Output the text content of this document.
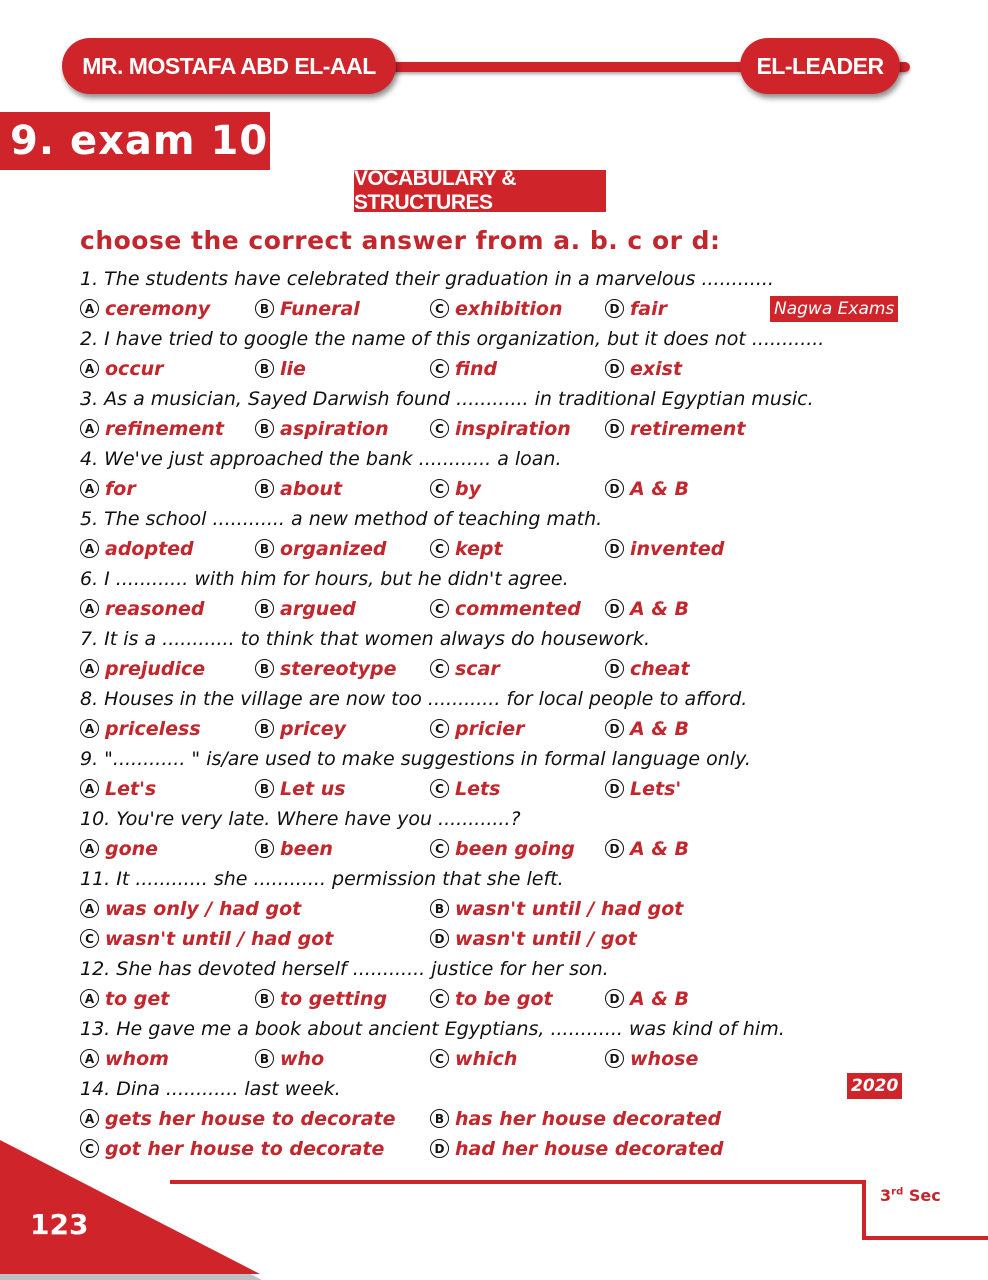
MR. MOSTAFA ABD EL-AAL	EL-LEADER
9. exam 10
VOCABULARY & STRUCTURES
choose the correct answer from a. b. c or d:
1. The students have celebrated their graduation in a marvelous ............
A ceremony	B Funeral	C exhibition	D fair
2. I have tried to google the name of this organization, but it does not ............
A occur	B lie	C find	D exist
3. As a musician, Sayed Darwish found ............ in traditional Egyptian music.
A refinement	B aspiration	C inspiration	D retirement
4. We've just approached the bank ............ a loan.
A for	B about	C by	D A & B
5. The school ............ a new method of teaching math.
A adopted	B organized	C kept	D invented
6. I ............ with him for hours, but he didn't agree.
A reasoned	B argued	C commented	D A & B
7. It is a ............ to think that women always do housework.
A prejudice	B stereotype	C scar	D cheat
8. Houses in the village are now too ............ for local people to afford.
A priceless	B pricey	C pricier	D A & B
9. "............ " is/are used to make suggestions in formal language only.
A Let's	B Let us	C Lets	D Lets'
10. You're very late. Where have you ............?
A gone	B been	C been going	D A & B
11. It ............ she ............ permission that she left.
A was only / had got	B wasn't until / had got
C wasn't until / had got	D wasn't until / got
12. She has devoted herself ............ justice for her son.
A to get	B to getting	C to be got	D A & B
13. He gave me a book about ancient Egyptians, ............ was kind of him.
A whom	B who	C which	D whose
14. Dina ............ last week.
A gets her house to decorate	B has her house decorated
C got her house to decorate	D had her house decorated
Nagwa Exams
2020
123
3rd Sec
